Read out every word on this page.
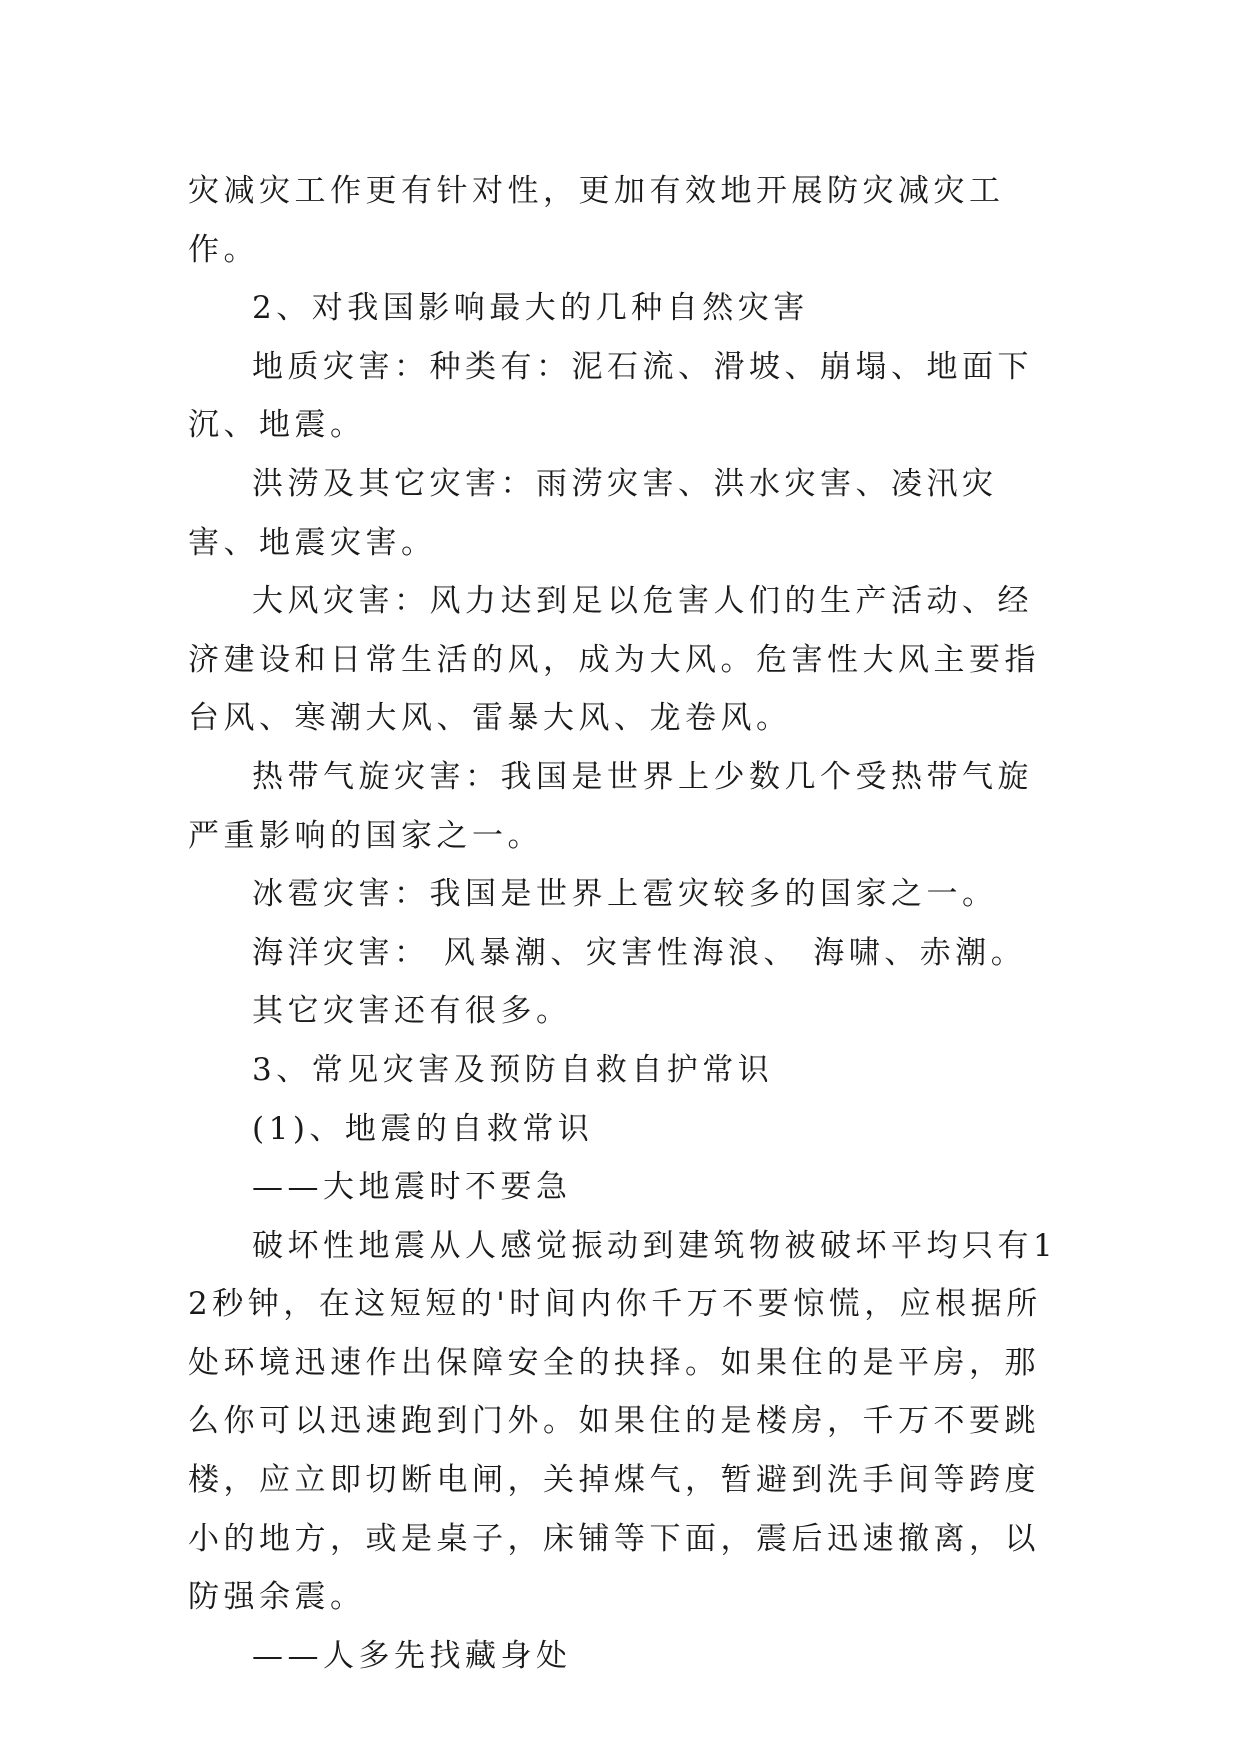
灾减灾工作更有针对性，更加有效地开展防灾减灾工作。

2、对我国影响最大的几种自然灾害

地质灾害：种类有：泥石流、滑坡、崩塌、地面下沉、地震。

洪涝及其它灾害：雨涝灾害、洪水灾害、凌汛灾害、地震灾害。

大风灾害：风力达到足以危害人们的生产活动、经济建设和日常生活的风，成为大风。危害性大风主要指台风、寒潮大风、雷暴大风、龙卷风。

热带气旋灾害：我国是世界上少数几个受热带气旋严重影响的国家之一。

冰雹灾害：我国是世界上雹灾较多的国家之一。

海洋灾害： 风暴潮、灾害性海浪、 海啸、赤潮。

其它灾害还有很多。

3、常见灾害及预防自救自护常识

(1)、地震的自救常识

——大地震时不要急

破坏性地震从人感觉振动到建筑物被破坏平均只有12秒钟，在这短短的'时间内你千万不要惊慌，应根据所处环境迅速作出保障安全的抉择。如果住的是平房，那么你可以迅速跑到门外。如果住的是楼房，千万不要跳楼，应立即切断电闸，关掉煤气，暂避到洗手间等跨度小的地方，或是桌子，床铺等下面，震后迅速撤离，以防强余震。

——人多先找藏身处
